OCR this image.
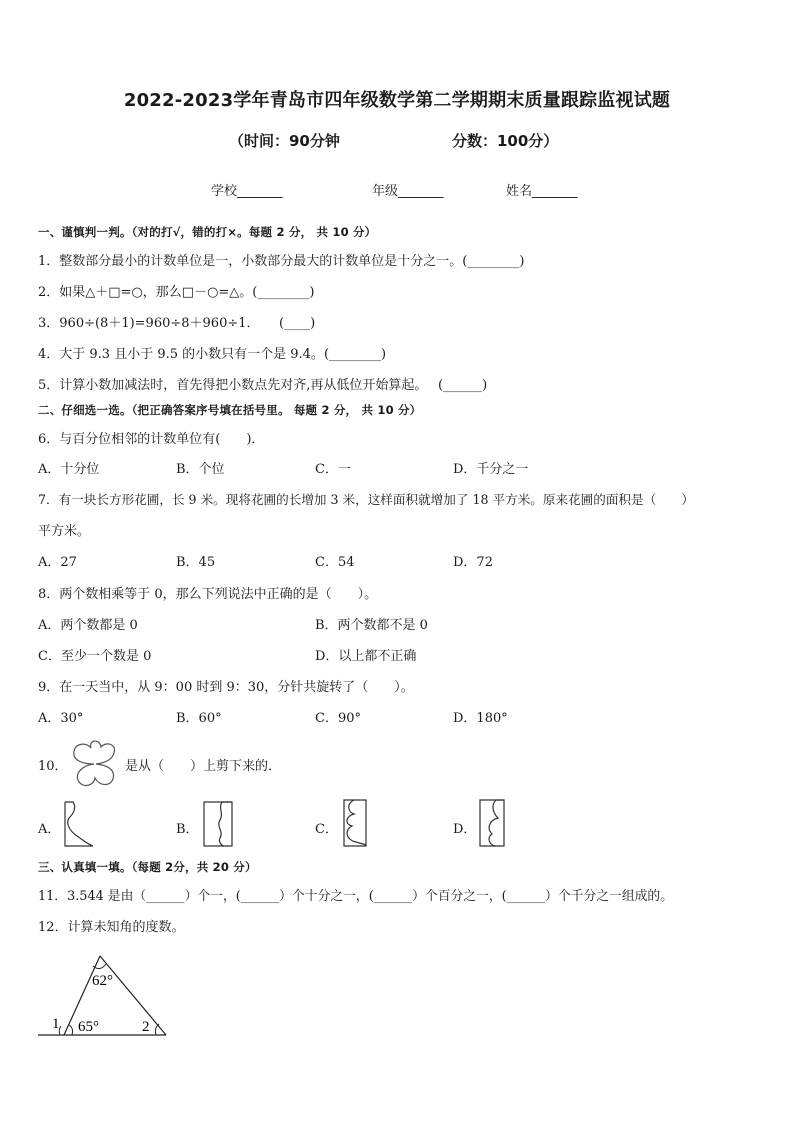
2022-2023学年青岛市四年级数学第二学期期末质量跟踪监视试题
（时间：90分钟	分数：100分）
学校_______	年级_______	姓名_______
一、谨慎判一判。（对的打√，错的打×。每题 2 分， 共 10 分）
1．整数部分最小的计数单位是一，小数部分最大的计数单位是十分之一。(________)
2．如果△＋□=○，那么□－○=△。(________)
3．960÷(8＋1)=960÷8＋960÷1．　　(____)
4．大于 9.3 且小于 9.5 的小数只有一个是 9.4。(________)
5．计算小数加减法时，首先得把小数点先对齐,再从低位开始算起。　 (______)
二、仔细选一选。（把正确答案序号填在括号里。 每题 2 分， 共 10 分）
6．与百分位相邻的计数单位有(　　)．
A．十分位	B．个位	C．一	D．千分之一
7．有一块长方形花圃，长 9 米。现将花圃的长增加 3 米，这样面积就增加了 18 平方米。原来花圃的面积是（　　）
平方米。
A．27	B．45	C．54	D．72
8．两个数相乘等于 0，那么下列说法中正确的是（　　）。
A．两个数都是 0	B．两个数都不是 0
C．至少一个数是 0	D．以上都不正确
9．在一天当中，从 9：00 时到 9：30，分针共旋转了（　　）。
A．30°	B．60°	C．90°	D．180°
10．	是从（　　）上剪下来的．
A．	B．	C．	D．
三、认真填一填。（每题 2分，共 20 分）
11．3.544 是由（______）个一，(______）个十分之一，(______）个百分之一，(______）个千分之一组成的。
12．计算未知角的度数。
62°
65°
1	2
